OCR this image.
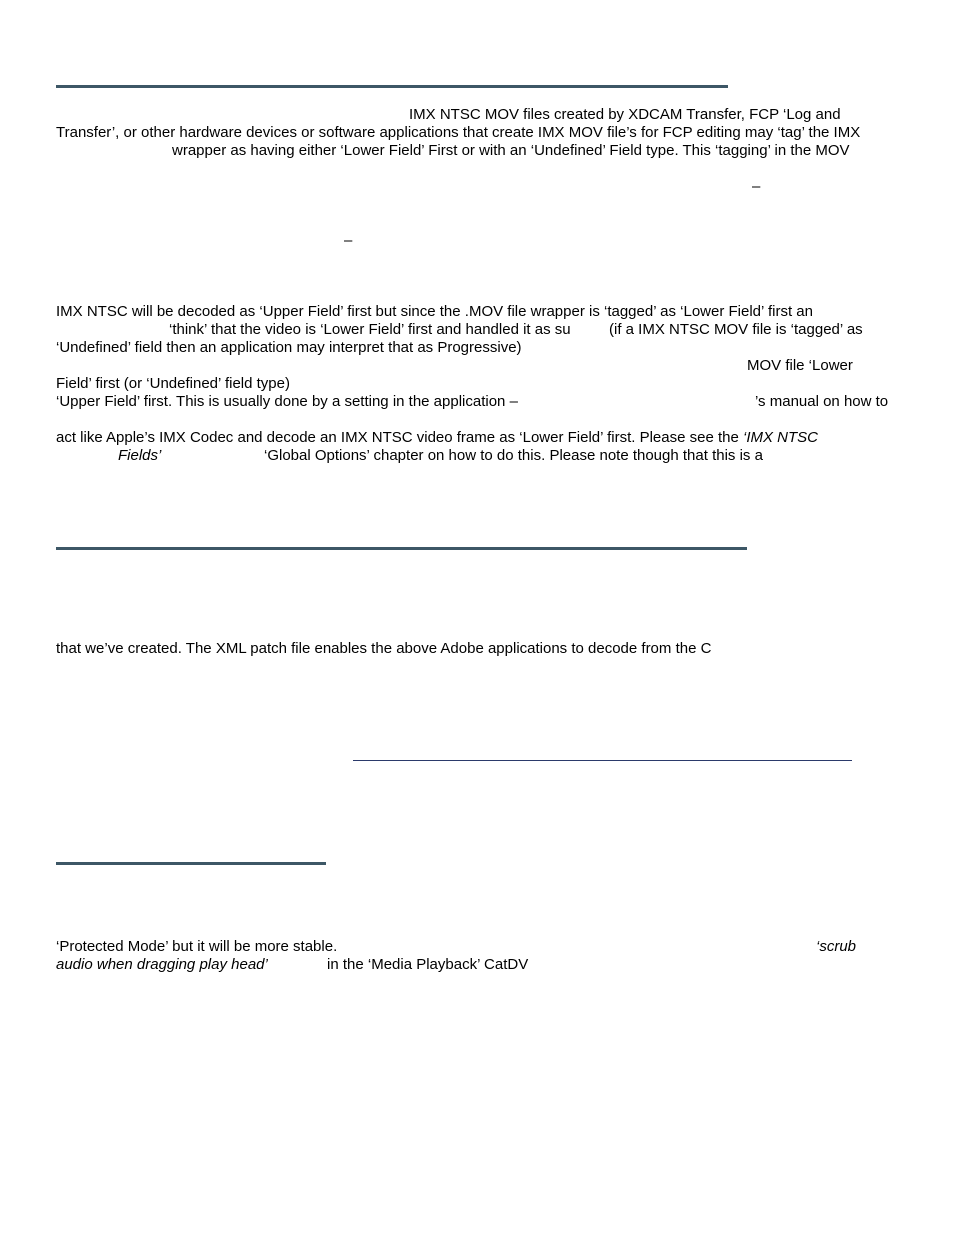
IMX NTSC MOV files created by XDCAM Transfer, FCP ‘Log and
Transfer’, or other hardware devices or software applications that create IMX MOV file’s for FCP editing may ‘tag’ the IMX
wrapper as having either ‘Lower Field’ First or with an ‘Undefined’ Field type. This ‘tagging’ in the MOV
–
–
IMX NTSC will be decoded as ‘Upper Field’ first but since the .MOV file wrapper is ‘tagged’ as ‘Lower Field’ first an
‘think’ that the video is ‘Lower Field’ first and handled it as su	(if a IMX NTSC MOV file is ‘tagged’ as
‘Undefined’ field then an application may interpret that as Progressive)
MOV file ‘Lower
Field’ first (or ‘Undefined’ field type)
‘Upper Field’ first. This is usually done by a setting in the application –	’s manual on how to
act like Apple’s IMX Codec and decode an IMX NTSC video frame as ‘Lower Field’ first. Please see the ‘IMX NTSC
Fields’	‘Global Options’ chapter on how to do this. Please note though that this is a
that we’ve created. The XML patch file enables the above Adobe applications to decode from the C
‘Protected Mode’ but it will be more stable.	‘scrub
audio when dragging play head’	in the ‘Media Playback’ CatDV
